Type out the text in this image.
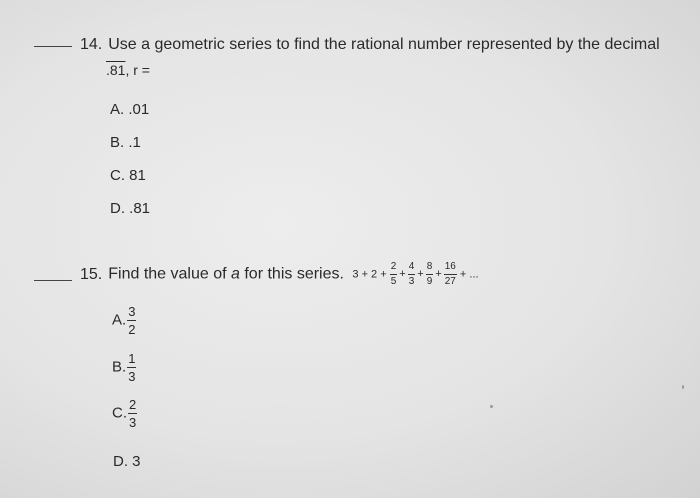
14. Use a geometric series to find the rational number represented by the decimal
.81, r =
A. .01
B. .1
C. 81
D. .81
15. Find the value of a for this series. $3 + 2 + \frac{2}{5} + \frac{4}{3} + \frac{8}{9} + \frac{16}{27}$ + ...
A. $\frac{3}{2}$
B. $\frac{1}{3}$
C. $\frac{2}{3}$
D. 3
